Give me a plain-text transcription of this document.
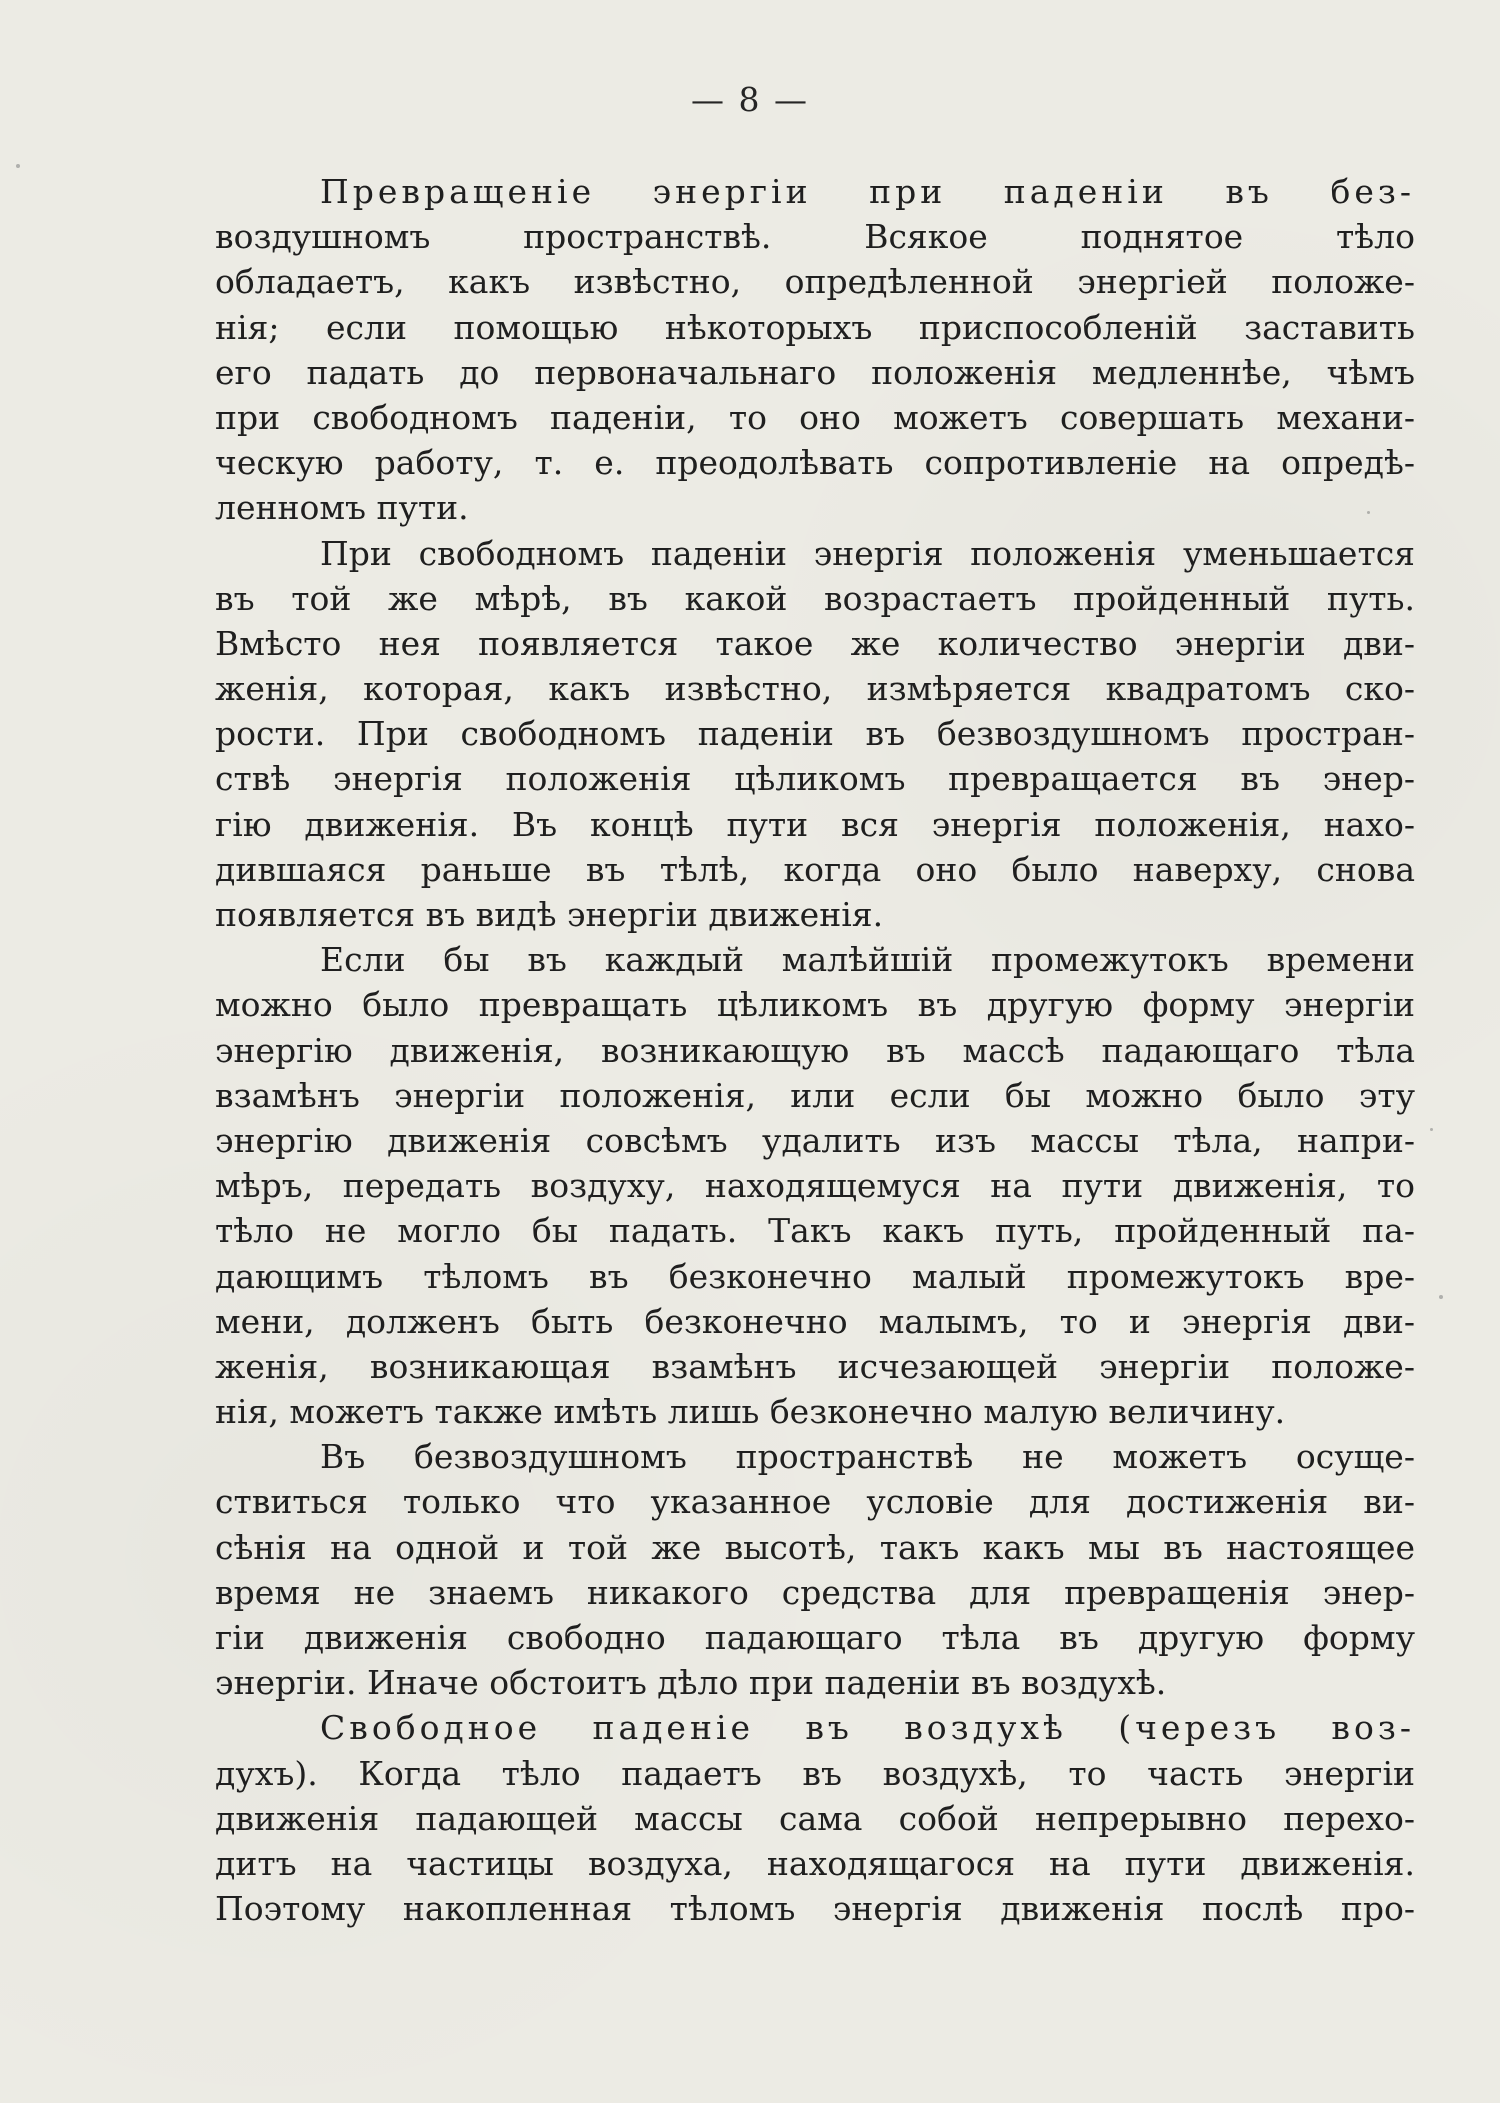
— 8 —
Превращеніе энергіи при паденіи въ без-
воздушномъ пространствѣ. Всякое поднятое тѣло
обладаетъ, какъ извѣстно, опредѣленной энергіей положе-
нія; если помощью нѣкоторыхъ приспособленій заставить
его падать до первоначальнаго положенія медленнѣе, чѣмъ
при свободномъ паденіи, то оно можетъ совершать механи-
ческую работу, т. е. преодолѣвать сопротивленіе на опредѣ-
ленномъ пути.
При свободномъ паденіи энергія положенія уменьшается
въ той же мѣрѣ, въ какой возрастаетъ пройденный путь.
Вмѣсто нея появляется такое же количество энергіи дви-
женія, которая, какъ извѣстно, измѣряется квадратомъ ско-
рости. При свободномъ паденіи въ безвоздушномъ простран-
ствѣ энергія положенія цѣликомъ превращается въ энер-
гію движенія. Въ концѣ пути вся энергія положенія, нахо-
дившаяся раньше въ тѣлѣ, когда оно было наверху, снова
появляется въ видѣ энергіи движенія.
Если бы въ каждый малѣйшій промежутокъ времени
можно было превращать цѣликомъ въ другую форму энергіи
энергію движенія, возникающую въ массѣ падающаго тѣла
взамѣнъ энергіи положенія, или если бы можно было эту
энергію движенія совсѣмъ удалить изъ массы тѣла, напри-
мѣръ, передать воздуху, находящемуся на пути движенія, то
тѣло не могло бы падать. Такъ какъ путь, пройденный па-
дающимъ тѣломъ въ безконечно малый промежутокъ вре-
мени, долженъ быть безконечно малымъ, то и энергія дви-
женія, возникающая взамѣнъ исчезающей энергіи положе-
нія, можетъ также имѣть лишь безконечно малую величину.
Въ безвоздушномъ пространствѣ не можетъ осуще-
ствиться только что указанное условіе для достиженія ви-
сѣнія на одной и той же высотѣ, такъ какъ мы въ настоящее
время не знаемъ никакого средства для превращенія энер-
гіи движенія свободно падающаго тѣла въ другую форму
энергіи. Иначе обстоитъ дѣло при паденіи въ воздухѣ.
Свободное паденіе въ воздухѣ (черезъ воз-
духъ). Когда тѣло падаетъ въ воздухѣ, то часть энергіи
движенія падающей массы сама собой непрерывно перехо-
дитъ на частицы воздуха, находящагося на пути движенія.
Поэтому накопленная тѣломъ энергія движенія послѣ про-
